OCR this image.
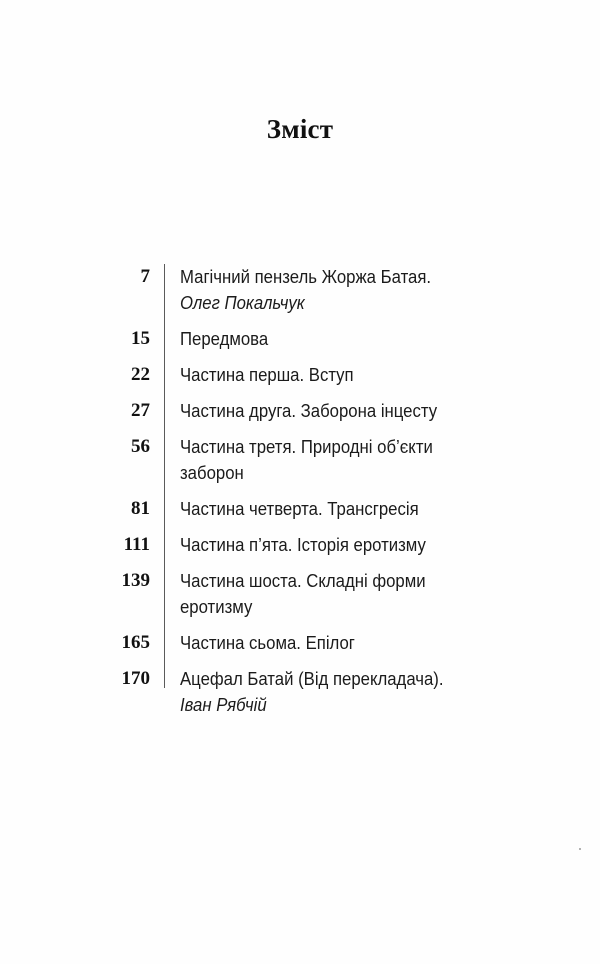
Зміст
7 Магічний пензель Жоржа Батая.
Олег Покальчук
15 Передмова
22 Частина перша. Вступ
27 Частина друга. Заборона інцесту
56 Частина третя. Природні об’єкти
заборон
81 Частина четверта. Трансгресія
111 Частина п’ята. Історія еротизму
139 Частина шоста. Складні форми
еротизму
165 Частина сьома. Епілог
170 Ацефал Батай (Від перекладача).
Іван Рябчій
